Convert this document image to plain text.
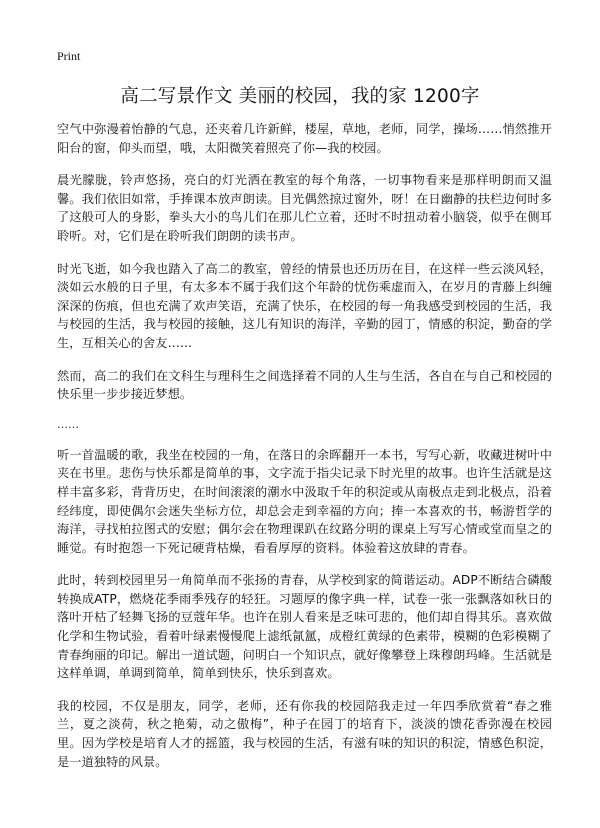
Print
高二写景作文 美丽的校园，我的家 1200字

空气中弥漫着怡静的气息，还夹着几许新鲜，楼屋，草地，老师，同学，操场……悄然推开阳台的窗，仰头而望，哦，太阳微笑着照亮了你—我的校园。

晨光朦胧，铃声悠扬，亮白的灯光洒在教室的每个角落，一切事物看来是那样明朗而又温馨。我们依旧如常，手捧课本放声朗读。目光偶然掠过窗外，呀！在日幽静的扶栏边何时多了这般可人的身影，拳头大小的鸟儿们在那儿伫立着，还时不时扭动着小脑袋，似乎在侧耳聆听。对，它们是在聆听我们朗朗的读书声。

时光飞逝，如今我也踏入了高二的教室，曾经的情景也还历历在目，在这样一些云淡风轻，淡如云水般的日子里，有太多本不属于我们这个年龄的忧伤乘虚而入，在岁月的青藤上纠缠深深的伤痕，但也充满了欢声笑语，充满了快乐，在校园的每一角我感受到校园的生活，我与校园的生活，我与校园的接触，这儿有知识的海洋，辛勤的园丁，情感的积淀，勤奋的学生，互相关心的舍友……

然而，高二的我们在文科生与理科生之间选择着不同的人生与生活，各自在与自己和校园的快乐里一步步接近梦想。

……

听一首温暖的歌，我坐在校园的一角，在落日的余晖翻开一本书，写写心新，收藏进树叶中夹在书里。悲伤与快乐都是简单的事，文字流于指尖记录下时光里的故事。也许生活就是这样丰富多彩，背背历史，在时间滚滚的潮水中汲取千年的积淀或从南极点走到北极点，沿着经纬度，即使偶尔会迷失坐标方位，却总会走到幸福的方向；捧一本喜欢的书，畅游哲学的海洋，寻找柏拉图式的安慰；偶尔会在物理课趴在纹路分明的课桌上写写心情或堂而皇之的睡觉。有时抱怨一下死记硬背枯燥，看看厚厚的资料。体验着这放肆的青春。

此时，转到校园里另一角简单而不张扬的青春，从学校到家的简谐运动。ADP不断结合磷酸转换成ATP，燃烧花季雨季残存的轻狂。习题厚的像字典一样，试卷一张一张飘落如秋日的落叶开枯了轻舞飞扬的豆蔻年华。也许在别人看来是乏味可悲的，他们却自得其乐。喜欢做化学和生物试验，看着叶绿素慢慢爬上滤纸氤氲，成橙红黄绿的色素带，模糊的色彩模糊了青春绚丽的印记。解出一道试题，问明白一个知识点，就好像攀登上珠穆朗玛峰。生活就是这样单调，单调到简单，简单到快乐，快乐到喜欢。

我的校园，不仅是朋友，同学，老师，还有你我的校园陪我走过一年四季欣赏着“春之雅兰，夏之淡荷，秋之艳菊，动之傲梅”，种子在园丁的培育下，淡淡的馈花香弥漫在校园里。因为学校是培育人才的摇篮，我与校园的生活，有滋有味的知识的积淀，情感色积淀，是一道独特的风景。
